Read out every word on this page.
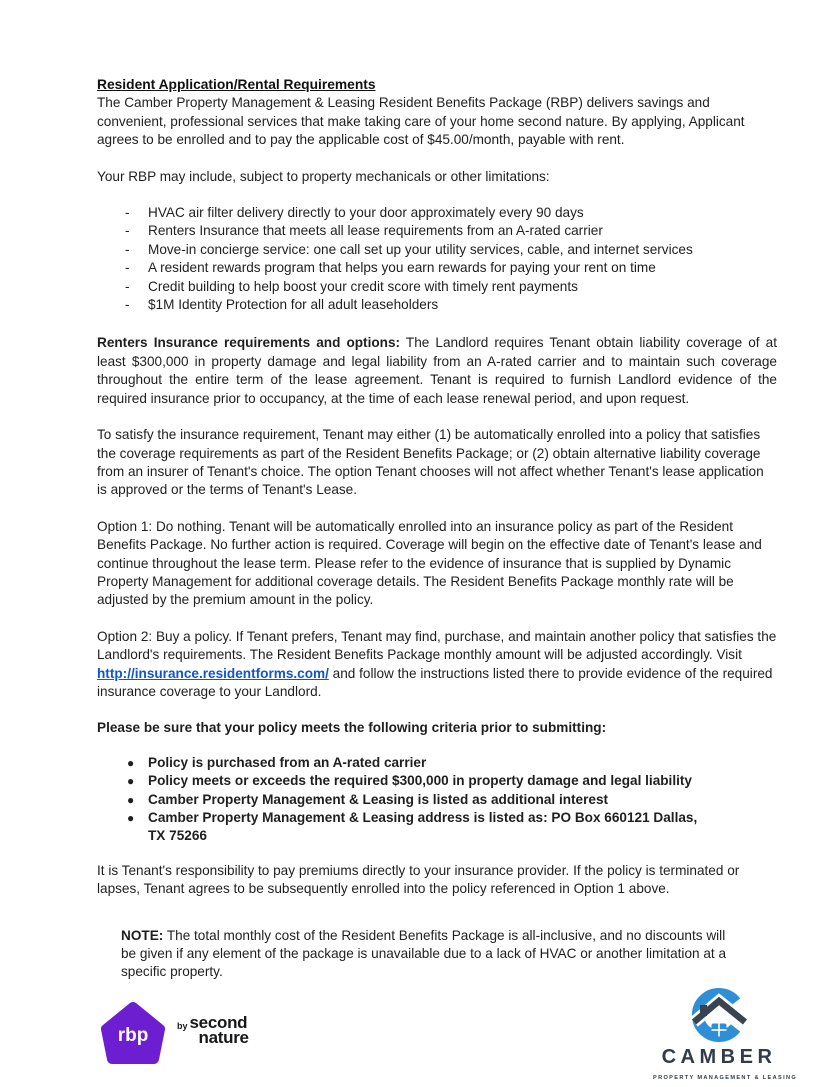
Resident Application/Rental Requirements

The Camber Property Management & Leasing Resident Benefits Package (RBP) delivers savings and convenient, professional services that make taking care of your home second nature. By applying, Applicant agrees to be enrolled and to pay the applicable cost of $45.00/month, payable with rent.

Your RBP may include, subject to property mechanicals or other limitations:

-	HVAC air filter delivery directly to your door approximately every 90 days
-	Renters Insurance that meets all lease requirements from an A-rated carrier
-	Move-in concierge service: one call set up your utility services, cable, and internet services
-	A resident rewards program that helps you earn rewards for paying your rent on time
-	Credit building to help boost your credit score with timely rent payments
-	$1M Identity Protection for all adult leaseholders

Renters Insurance requirements and options: The Landlord requires Tenant obtain liability coverage of at least $300,000 in property damage and legal liability from an A-rated carrier and to maintain such coverage throughout the entire term of the lease agreement. Tenant is required to furnish Landlord evidence of the required insurance prior to occupancy, at the time of each lease renewal period, and upon request.

To satisfy the insurance requirement, Tenant may either (1) be automatically enrolled into a policy that satisfies the coverage requirements as part of the Resident Benefits Package; or (2) obtain alternative liability coverage from an insurer of Tenant's choice. The option Tenant chooses will not affect whether Tenant's lease application is approved or the terms of Tenant's Lease.

Option 1: Do nothing. Tenant will be automatically enrolled into an insurance policy as part of the Resident Benefits Package. No further action is required. Coverage will begin on the effective date of Tenant's lease and continue throughout the lease term. Please refer to the evidence of insurance that is supplied by Dynamic Property Management for additional coverage details. The Resident Benefits Package monthly rate will be adjusted by the premium amount in the policy.

Option 2: Buy a policy. If Tenant prefers, Tenant may find, purchase, and maintain another policy that satisfies the Landlord's requirements. The Resident Benefits Package monthly amount will be adjusted accordingly. Visit http://insurance.residentforms.com/ and follow the instructions listed there to provide evidence of the required insurance coverage to your Landlord.

Please be sure that your policy meets the following criteria prior to submitting:

●	Policy is purchased from an A-rated carrier
●	Policy meets or exceeds the required $300,000 in property damage and legal liability
●	Camber Property Management & Leasing is listed as additional interest
●	Camber Property Management & Leasing address is listed as: PO Box 660121 Dallas, TX 75266

It is Tenant's responsibility to pay premiums directly to your insurance provider. If the policy is terminated or lapses, Tenant agrees to be subsequently enrolled into the policy referenced in Option 1 above.

NOTE: The total monthly cost of the Resident Benefits Package is all-inclusive, and no discounts will be given if any element of the package is unavailable due to a lack of HVAC or another limitation at a specific property.
rbp	by second
nature
CAMBER
PROPERTY MANAGEMENT & LEASING
